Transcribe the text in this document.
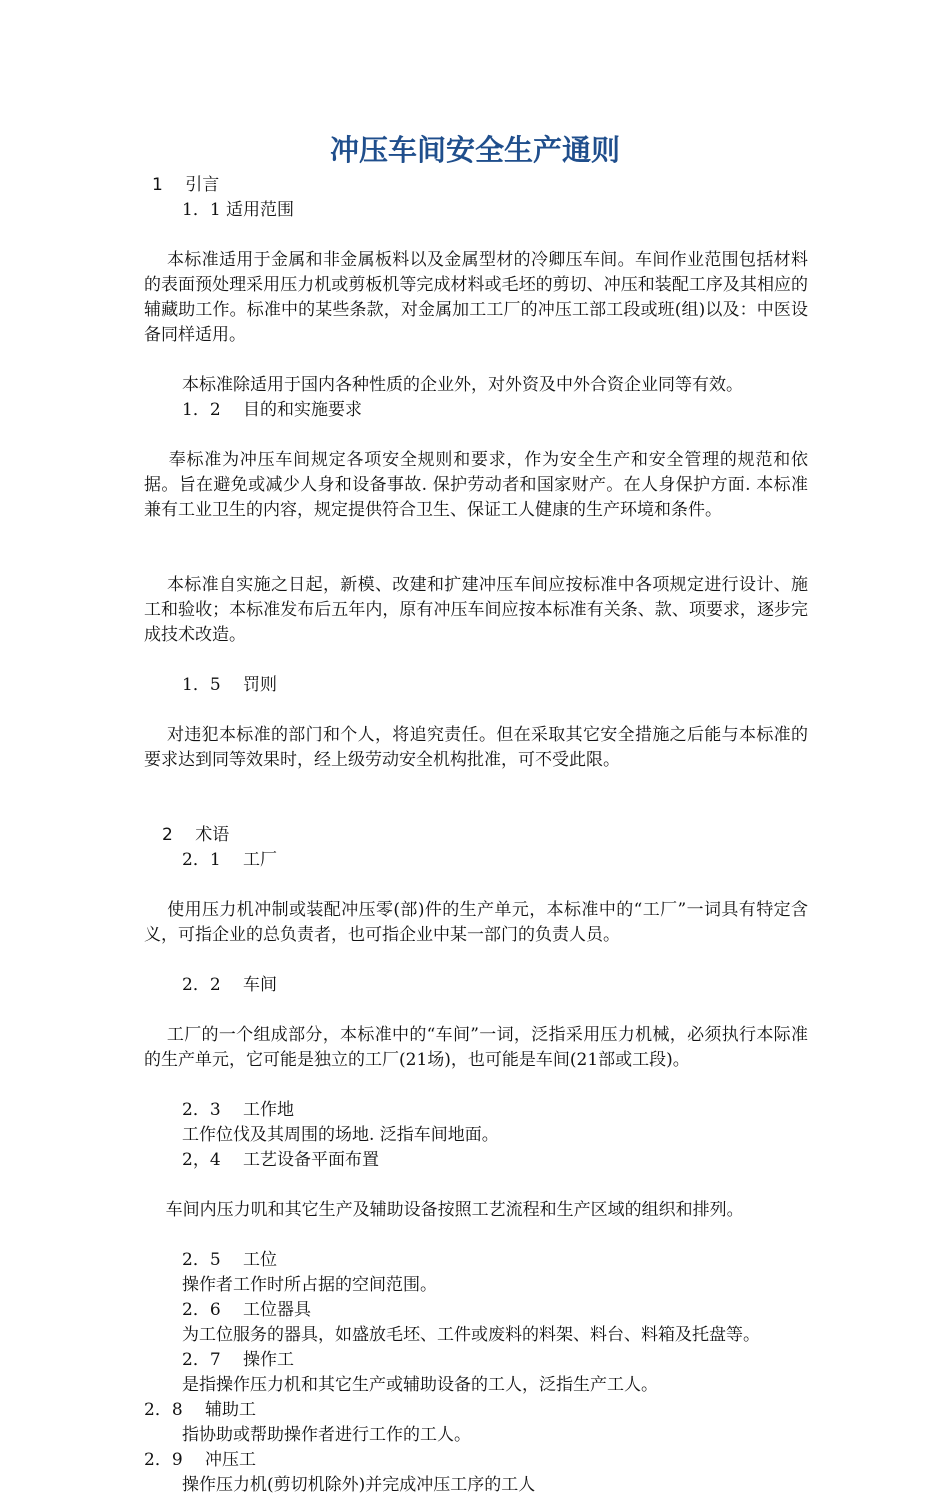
冲压车间安全生产通则

1　 引言

1．1 适用范围

本标准适用于金属和非金属板料以及金属型材的冷卿压车间。车间作业范围包括材料的表面预处理采用压力机或剪板机等完成材料或毛坯的剪切、冲压和装配工序及其相应的辅藏助工作。标准中的某些条款，对金属加工工厂的冲压工部工段或班(组)以及：中医设备同样适用。

本标准除适用于国内各种性质的企业外，对外资及中外合资企业同等有效。

1．2　 目的和实施要求

奉标准为冲压车间规定各项安全规则和要求，作为安全生产和安全管理的规范和依据。旨在避免或减少人身和设备事故. 保护劳动者和国家财产。在人身保护方面. 本标准兼有工业卫生的内容，规定提供符合卫生、保证工人健康的生产环境和条件。

本标准自实施之日起，新模、改建和扩建冲压车间应按标准中各项规定进行设计、施工和验收；本标准发布后五年内，原有冲压车间应按本标准有关条、款、项要求，逐步完成技术改造。

1．5　 罚则

对违犯本标准的部门和个人，将追究责任。但在采取其它安全措施之后能与本标准的要求达到同等效果时，经上级劳动安全机构批准，可不受此限。

2　 术语

2．1　 工厂

使用压力机冲制或装配冲压零(部)件的生产单元，本标准中的“工厂”一词具有特定含义，可指企业的总负责者，也可指企业中某一部门的负责人员。

2．2　 车间

工厂的一个组成部分，本标准中的“车间”一词，泛指采用压力机械，必须执行本际准的生产单元，它可能是独立的工厂(21场)，也可能是车间(21部或工段)。

2．3　 工作地

工作位伐及其周围的场地. 泛指车间地面。

2，4　 工艺设备平面布置

车间内压力叽和其它生产及辅助设备按照工艺流程和生产区域的组织和排列。

2．5　 工位

操作者工作时所占据的空间范围。

2．6　 工位器具

为工位服务的器具，如盛放毛坯、工件或废料的料架、料台、料箱及托盘等。

2．7　 操作工

是指操作压力机和其它生产或辅助设备的工人，泛指生产工人。

2．8　 辅助工

指协助或帮助操作者进行工作的工人。

2．9　 冲压工

操作压力机(剪切机除外)并完成冲压工序的工人
